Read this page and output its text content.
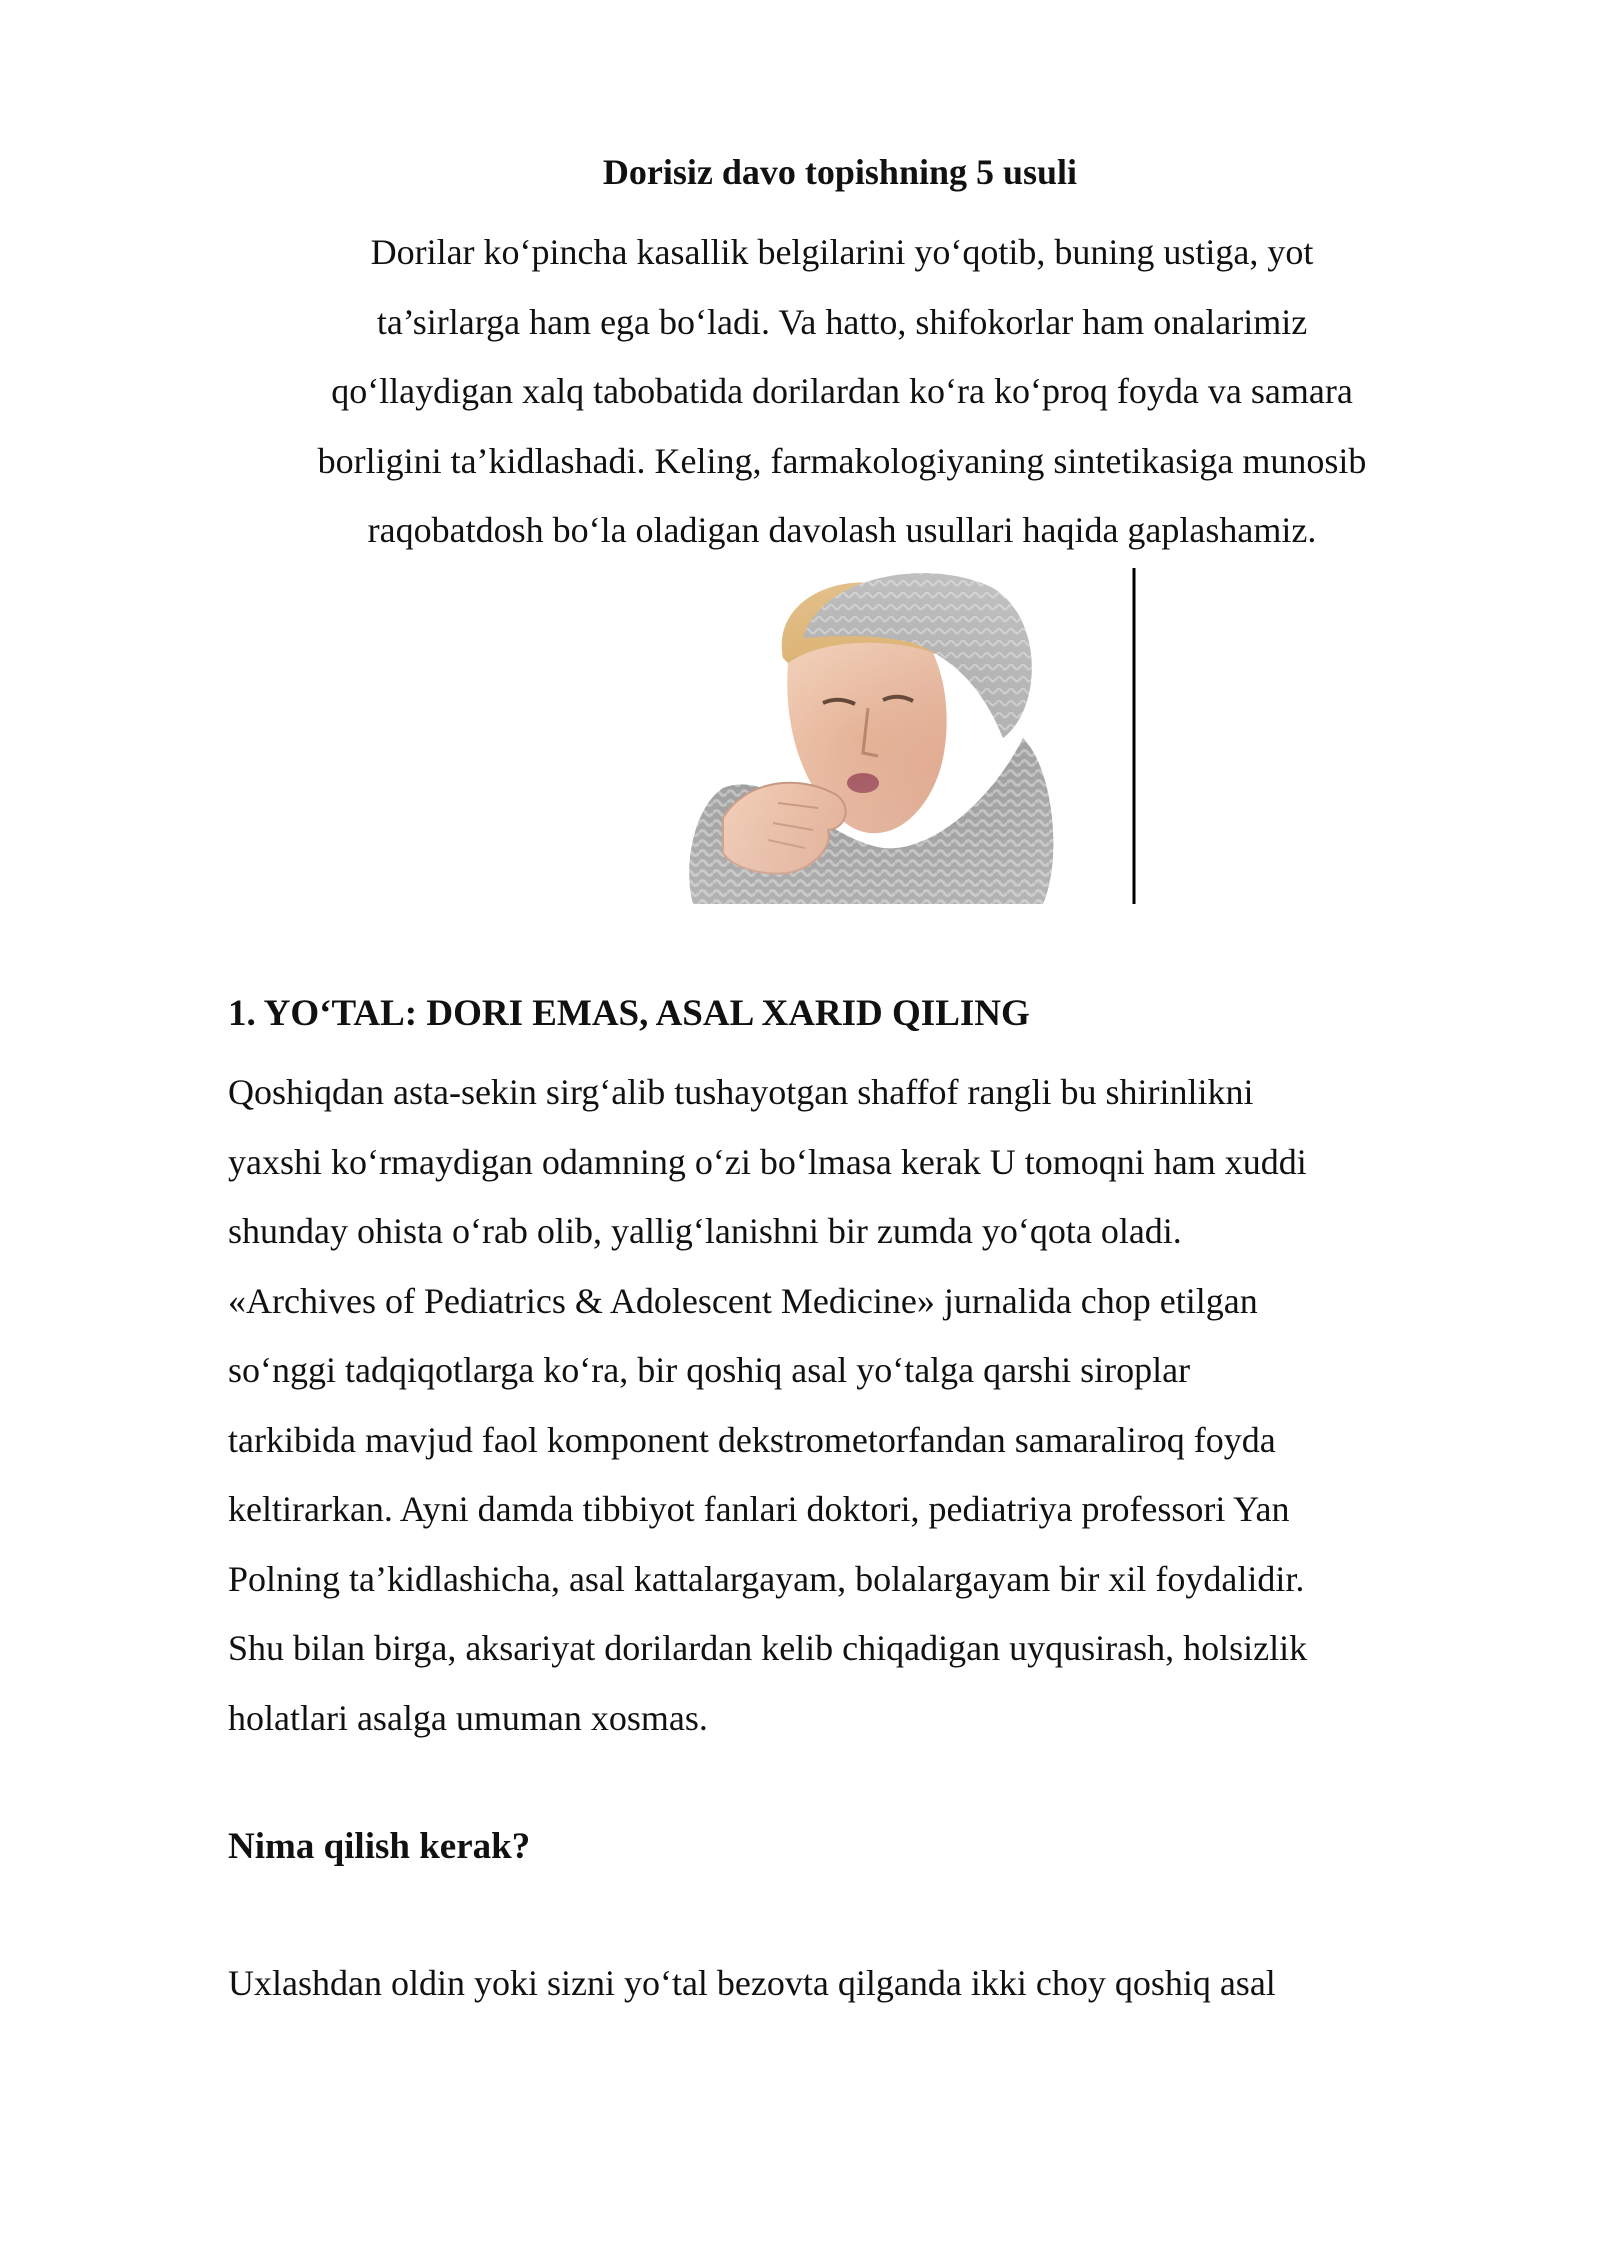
Dorisiz davo topishning 5 usuli
Dorilar ko‘pincha kasallik belgilarini yo‘qotib, buning ustiga, yot
ta’sirlarga ham ega bo‘ladi. Va hatto, shifokorlar ham onalarimiz
qo‘llaydigan xalq tabobatida dorilardan ko‘ra ko‘proq foyda va samara
borligini ta’kidlashadi. Keling, farmakologiyaning sintetikasiga munosib
raqobatdosh bo‘la oladigan davolash usullari haqida gaplashamiz.
1. YO‘TAL: DORI EMAS, ASAL XARID QILING
Qoshiqdan asta-sekin sirg‘alib tushayotgan shaffof rangli bu shirinlikni
yaxshi ko‘rmaydigan odamning o‘zi bo‘lmasa kerak U tomoqni ham xuddi
shunday ohista o‘rab olib, yallig‘lanishni bir zumda yo‘qota oladi.
«Archives of Pediatrics & Adolescent Medicine» jurnalida chop etilgan
so‘nggi tadqiqotlarga ko‘ra, bir qoshiq asal yo‘talga qarshi siroplar
tarkibida mavjud faol komponent dekstrometorfandan samaraliroq foyda
keltirarkan. Ayni damda tibbiyot fanlari doktori, pediatriya professori Yan
Polning ta’kidlashicha, asal kattalargayam, bolalargayam bir xil foydalidir.
Shu bilan birga, aksariyat dorilardan kelib chiqadigan uyqusirash, holsizlik
holatlari asalga umuman xosmas.
Nima qilish kerak?
Uxlashdan oldin yoki sizni yo‘tal bezovta qilganda ikki choy qoshiq asal
